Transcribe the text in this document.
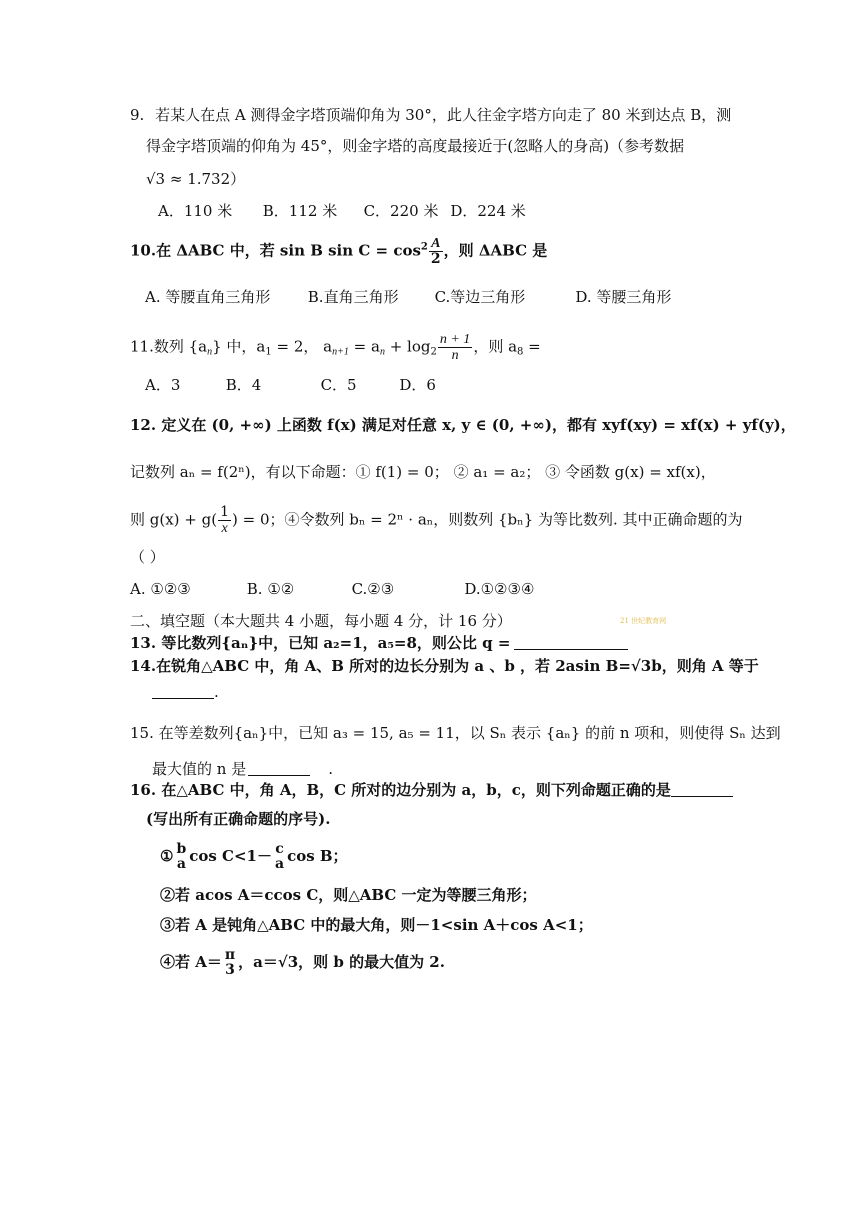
9. 若某人在点 A 测得金字塔顶端仰角为 30°，此人往金字塔方向走了 80 米到达点 B，测
得金字塔顶端的仰角为 45°，则金字塔的高度最接近于(忽略人的身高)（参考数据
√3 ≈ 1.732）
A．110 米 B．112 米 C．220 米 D．224 米
10.在 ΔABC 中，若 sin B $\sin C = \cos^2 \frac{A}{2}$ ，则 ΔABC 是
A. 等腰直角三角形 B.直角三角形 C.等边三角形	D. 等腰三角形
11.数列 $\{a_n\}$ 中，$a_1 = 2$， $a_{n+1} = a_n + \log_2 \frac{n + 1}{n}$ ，则 $a_8$ =
A．3	B．4	C．5	D．6
12. 定义在 (0, +∞) 上函数 f(x) 满足对任意 x, y ∈ (0, +∞)，都有 xyf(xy) = xf(x) + yf(y)，
记数列 aₙ = f(2ⁿ)，有以下命题：① f(1) = 0； ② a₁ = a₂； ③ 令函数 g(x) = xf(x)，
则 $g(x) + g( \frac{1}{x}$ ) = 0；④令数列 bₙ = 2ⁿ · aₙ，则数列 {bₙ} 为等比数列. 其中正确命题的为
（ ）
A. ①②③	B. ①②	C.②③	D.①②③④
二、填空题（本大题共 4 小题，每小题 4 分，计 16 分）	21 世纪教育网
13. 等比数列{aₙ}中，已知 a₂=1，a₅=8，则公比 q =
14.在锐角△ABC 中，角 A、B 所对的边长分别为 a 、b ，若 2asin B=√3b，则角 A 等于
.
15. 在等差数列{aₙ}中，已知 a₃ = 15, a₅ = 11，以 Sₙ 表示 {aₙ} 的前 n 项和，则使得 Sₙ 达到
最大值的 n 是	.
16. 在△ABC 中，角 A，B，C 所对的边分别为 a，b，c，则下列命题正确的是
(写出所有正确命题的序号).
① b
a cos C<1－ c
a cos B；
②若 acos A＝ccos C，则△ABC 一定为等腰三角形；
③若 A 是钝角△ABC 中的最大角，则－1<sin A＋cos A<1；
④若 A＝ π
3 ，a＝√3，则 b 的最大值为 2.
